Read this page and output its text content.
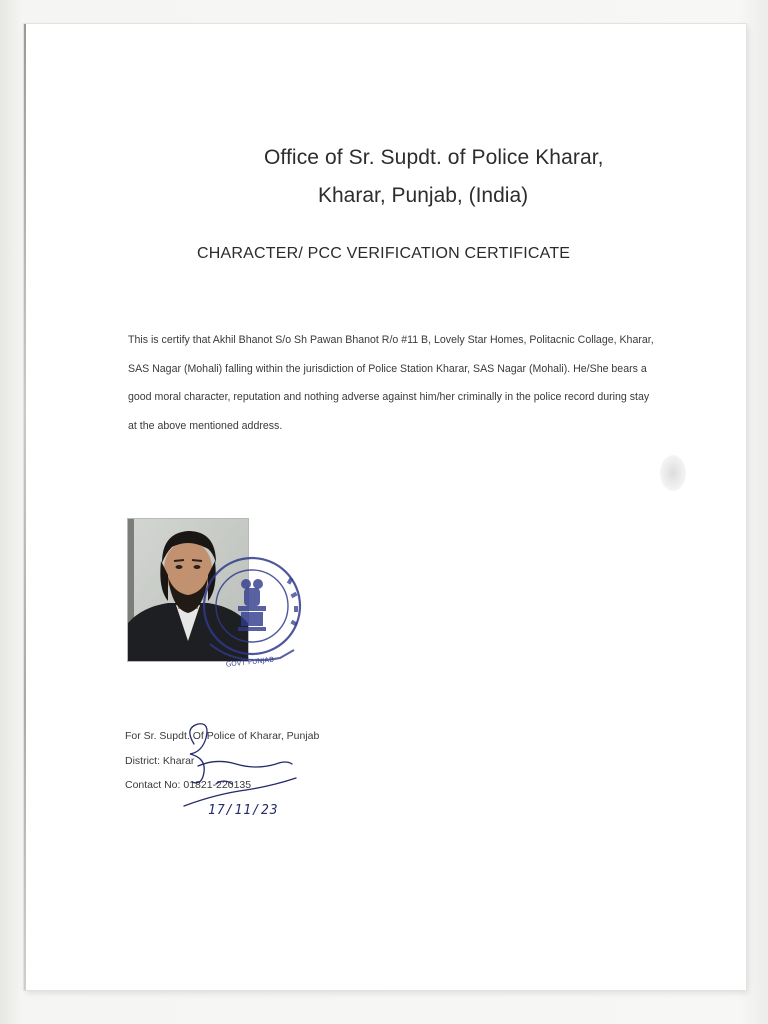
Office of Sr. Supdt. of Police Kharar,
Kharar, Punjab, (India)
CHARACTER/ PCC VERIFICATION CERTIFICATE
This is certify that Akhil Bhanot S/o Sh Pawan Bhanot R/o #11 B, Lovely Star Homes, Politacnic Collage, Kharar, SAS Nagar (Mohali) falling within the jurisdiction of Police Station Kharar, SAS Nagar (Mohali). He/She bears a good moral character, reputation and nothing adverse against him/her criminally in the police record during stay at the above mentioned address.
GOVT PUNJAB
For Sr. Supdt. Of Police of Kharar, Punjab
District: Kharar
Contact No: 01821-220135
17/11/23
